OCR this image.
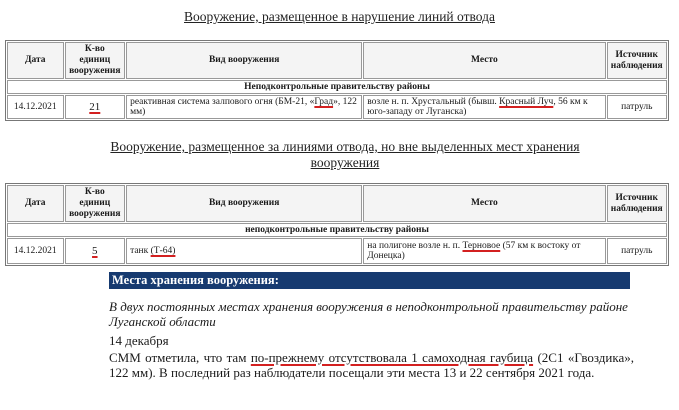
Вооружение, размещенное в нарушение линий отвода
Дата	К-во единиц вооружения	Вид вооружения	Место	Источник наблюдения
Неподконтрольные правительству районы				
14.12.2021	21	реактивная система залпового огня (БМ-21, «Град», 122 мм)	возле н. п. Хрустальный (бывш. Красный Луч, 56 км к юго-западу от Луганска)	патруль
Вооружение, размещенное за линиями отвода, но вне выделенных мест хранения вооружения
Дата	К-во единиц вооружения	Вид вооружения	Место	Источник наблюдения
неподконтрольные правительству районы				
14.12.2021	5	танк (Т-64)	на полигоне возле н. п. Терновое (57 км к востоку от Донецка)	патруль
Места хранения вооружения:
В двух постоянных местах хранения вооружения в неподконтрольной правительству районе Луганской области
14 декабря
СММ отметила, что там по-прежнему отсутствовала 1 самоходная гаубица (2С1 «Гвоздика», 122 мм). В последний раз наблюдатели посещали эти места 13 и 22 сентября 2021 года.
